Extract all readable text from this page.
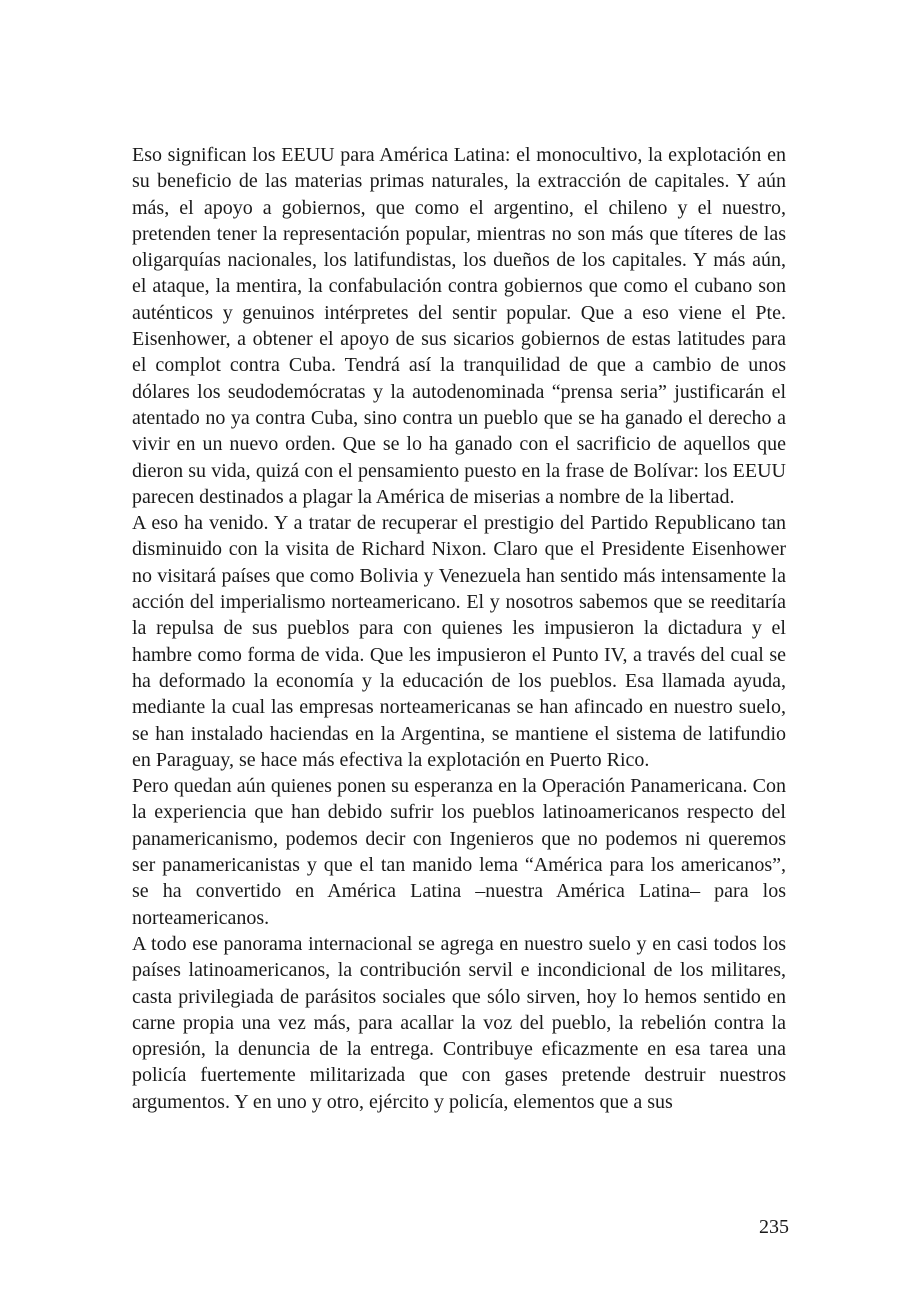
Eso significan los EEUU para América Latina: el monocultivo, la explotación en su beneficio de las materias primas naturales, la extracción de capitales. Y aún más, el apoyo a gobiernos, que como el argentino, el chileno y el nuestro, pretenden tener la representación popular, mientras no son más que títeres de las oligarquías nacionales, los latifundistas, los dueños de los capitales. Y más aún, el ataque, la mentira, la confabulación contra gobiernos que como el cubano son auténticos y genuinos intérpretes del sentir popular. Que a eso viene el Pte. Eisenhower, a obtener el apoyo de sus sicarios gobiernos de estas latitudes para el complot contra Cuba. Tendrá así la tranquilidad de que a cambio de unos dólares los seudodemócratas y la autodenominada “prensa seria” justificarán el atentado no ya contra Cuba, sino contra un pueblo que se ha ganado el derecho a vivir en un nuevo orden. Que se lo ha ganado con el sacrificio de aquellos que dieron su vida, quizá con el pensamiento puesto en la frase de Bolívar: los EEUU parecen destinados a plagar la América de miserias a nombre de la libertad.

A eso ha venido. Y a tratar de recuperar el prestigio del Partido Republicano tan disminuido con la visita de Richard Nixon. Claro que el Presidente Eisenhower no visitará países que como Bolivia y Venezuela han sentido más intensamente la acción del imperialismo norteamericano. El y nosotros sabemos que se reeditaría la repulsa de sus pueblos para con quienes les impusieron la dictadura y el hambre como forma de vida. Que les impusieron el Punto IV, a través del cual se ha deformado la economía y la educación de los pueblos. Esa llamada ayuda, mediante la cual las empresas norteamericanas se han afincado en nuestro suelo, se han instalado haciendas en la Argentina, se mantiene el sistema de latifundio en Paraguay, se hace más efectiva la explotación en Puerto Rico.

Pero quedan aún quienes ponen su esperanza en la Operación Panamericana. Con la experiencia que han debido sufrir los pueblos latinoamericanos respecto del panamericanismo, podemos decir con Ingenieros que no podemos ni queremos ser panamericanistas y que el tan manido lema “América para los americanos”, se ha convertido en América Latina –nuestra América Latina– para los norteamericanos.

A todo ese panorama internacional se agrega en nuestro suelo y en casi todos los países latinoamericanos, la contribución servil e incondicional de los militares, casta privilegiada de parásitos sociales que sólo sirven, hoy lo hemos sentido en carne propia una vez más, para acallar la voz del pueblo, la rebelión contra la opresión, la denuncia de la entrega. Contribuye eficazmente en esa tarea una policía fuertemente militarizada que con gases pretende destruir nuestros argumentos. Y en uno y otro, ejército y policía, elementos que a sus

235
